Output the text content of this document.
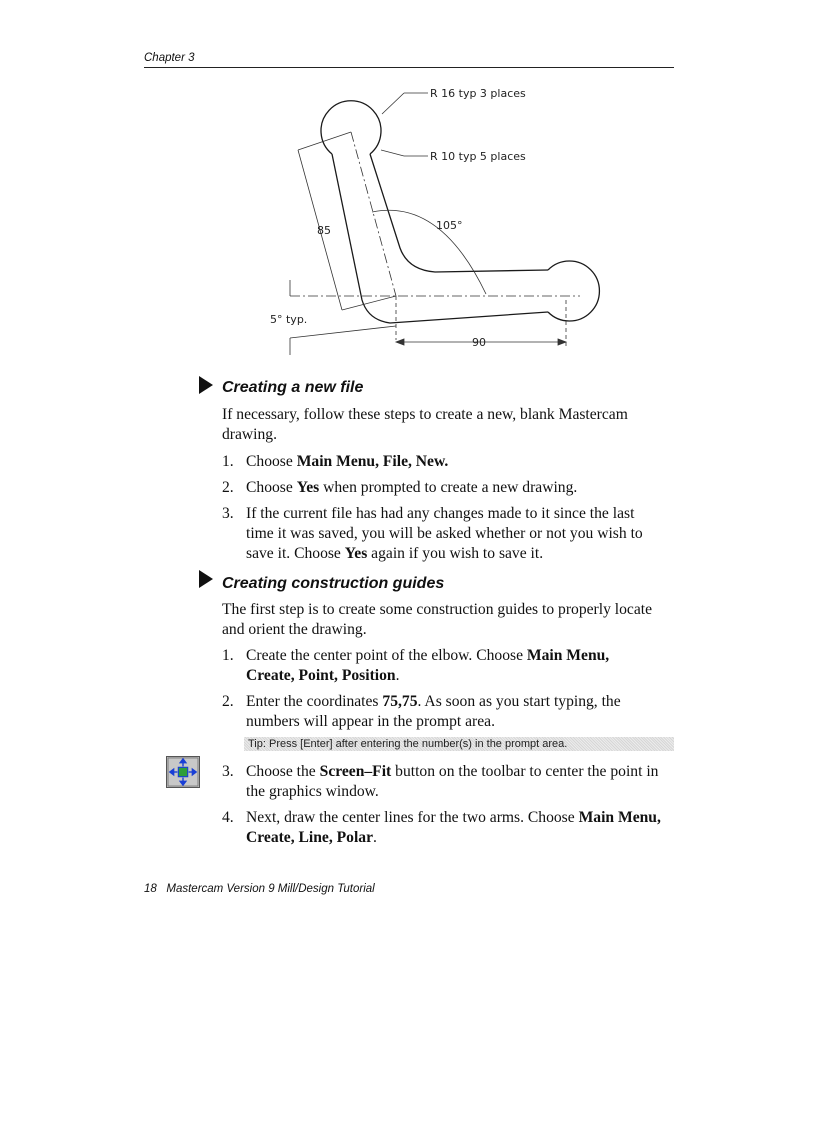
Chapter 3
R 16 typ 3 places
R 10 typ 5 places
85	105°
5° typ.
90
Creating a new file
If necessary, follow these steps to create a new, blank Mastercam
drawing.
1. Choose Main Menu, File, New.
2. Choose Yes when prompted to create a new drawing.
3. If the current file has had any changes made to it since the last
time it was saved, you will be asked whether or not you wish to
save it. Choose Yes again if you wish to save it.
Creating construction guides
The first step is to create some construction guides to properly locate
and orient the drawing.
1. Create the center point of the elbow. Choose Main Menu,
Create, Point, Position.
2. Enter the coordinates 75,75. As soon as you start typing, the
numbers will appear in the prompt area.
Tip: Press [Enter] after entering the number(s) in the prompt area.
3. Choose the Screen–Fit button on the toolbar to center the point in
the graphics window.
4. Next, draw the center lines for the two arms. Choose Main Menu,
Create, Line, Polar.
18   Mastercam Version 9 Mill/Design Tutorial
